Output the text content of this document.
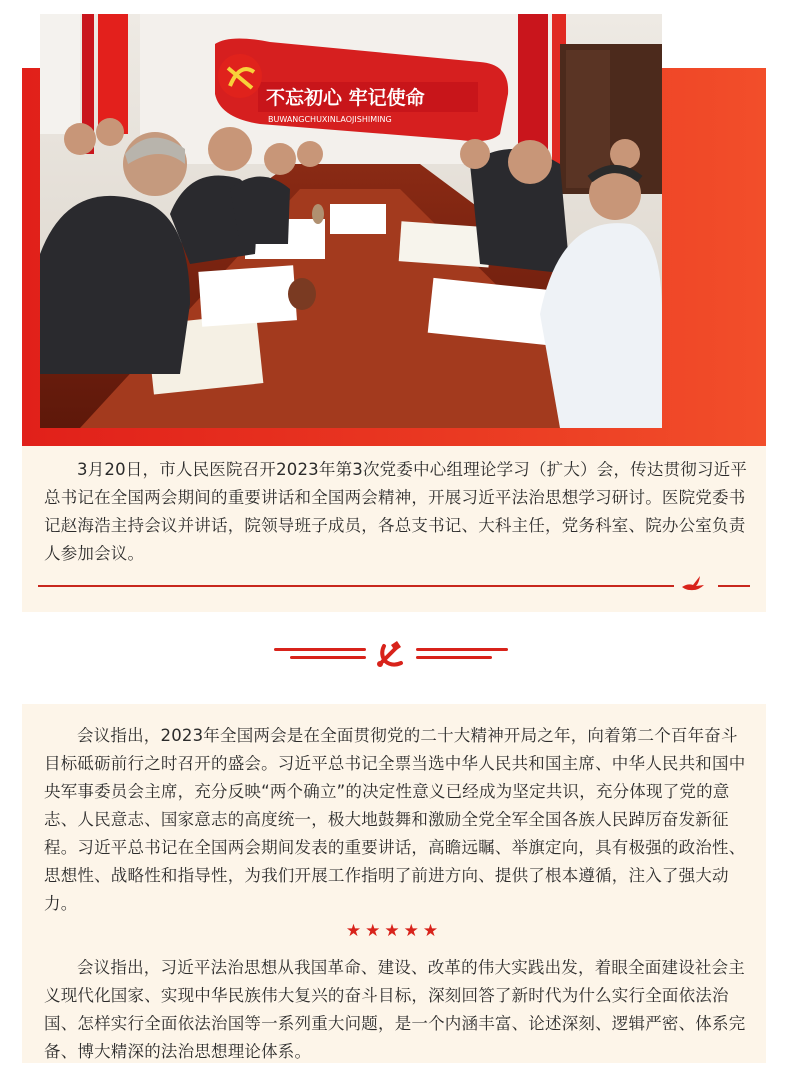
不忘初心 牢记使命
BUWANGCHUXINLAOJISHIMING

3月20日，市人民医院召开2023年第3次党委中心组理论学习（扩大）会，传达贯彻习近平总书记在全国两会期间的重要讲话和全国两会精神，开展习近平法治思想学习研讨。医院党委书记赵海浩主持会议并讲话，院领导班子成员，各总支书记、大科主任，党务科室、院办公室负责人参加会议。

会议指出，2023年全国两会是在全面贯彻党的二十大精神开局之年，向着第二个百年奋斗目标砥砺前行之时召开的盛会。习近平总书记全票当选中华人民共和国主席、中华人民共和国中央军事委员会主席，充分反映“两个确立”的决定性意义已经成为坚定共识，充分体现了党的意志、人民意志、国家意志的高度统一，极大地鼓舞和激励全党全军全国各族人民踔厉奋发新征程。习近平总书记在全国两会期间发表的重要讲话，高瞻远瞩、举旗定向，具有极强的政治性、思想性、战略性和指导性，为我们开展工作指明了前进方向、提供了根本遵循，注入了强大动力。

★★★★★

会议指出，习近平法治思想从我国革命、建设、改革的伟大实践出发，着眼全面建设社会主义现代化国家、实现中华民族伟大复兴的奋斗目标，深刻回答了新时代为什么实行全面依法治国、怎样实行全面依法治国等一系列重大问题，是一个内涵丰富、论述深刻、逻辑严密、体系完备、博大精深的法治思想理论体系。
